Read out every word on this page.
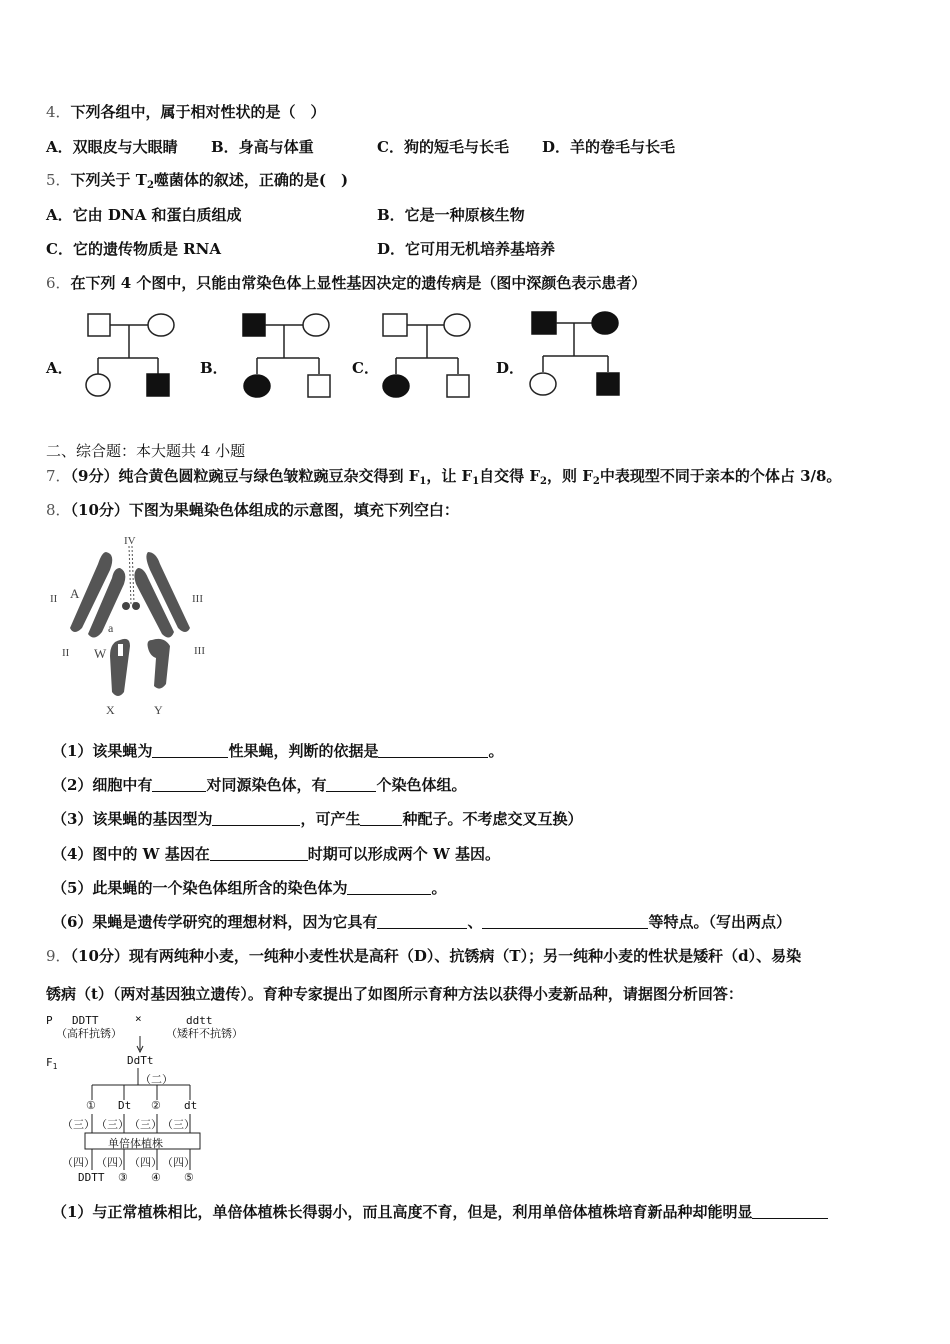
4．下列各组中，属于相对性状的是（　）
A．双眼皮与大眼睛 B．身高与体重	C．狗的短毛与长毛 D．羊的卷毛与长毛
5．下列关于 $T_2$噬菌体的叙述，正确的是(　)
A．它由 DNA 和蛋白质组成	B．它是一种原核生物
C．它的遗传物质是 RNA	D．它可用无机培养基培养
6．在下列 4 个图中，只能由常染色体上显性基因决定的遗传病是（图中深颜色表示患者）
A．	B．	C．	D．
二、综合题：本大题共 4 小题
7．（9分）纯合黄色圆粒豌豆与绿色皱粒豌豆杂交得到 $F_1$，让 $F_1$自交得 $F_2$，则 $F_2$中表现型不同于亲本的个体占 3/8。
8．（10分）下图为果蝇染色体组成的示意图，填充下列空白：
IV
II A	III
a
II W	III
X	Y
（1）该果蝇为	性果蝇，判断的依据是	。
（2）细胞中有	对同源染色体，有	个染色体组。
（3）该果蝇的基因型为	，可产生	种配子。不考虑交叉互换）
（4）图中的 W 基因在	时期可以形成两个 W 基因。
（5）此果蝇的一个染色体组所含的染色体为	。
（6）果蝇是遗传学研究的理想材料，因为它具有	、	等特点。（写出两点）
9．（10分）现有两纯种小麦，一纯种小麦性状是高秆（D）、抗锈病（T）；另一纯种小麦的性状是矮秆（d）、易染
锈病（t）（两对基因独立遗传）。育种专家提出了如图所示育种方法以获得小麦新品种，请据图分析回答：
P DDTT	×	ddtt
（高秆抗锈）	（矮秆不抗锈）
$F_1$	DdTt
（二）
① Dt ② dt
（三） （三） （三） （三）
单倍体植株
（四） （四） （四） （四）
DDTT ③ ④ ⑤
（1）与正常植株相比，单倍体植株长得弱小，而且高度不育，但是，利用单倍体植株培育新品种却能明显
